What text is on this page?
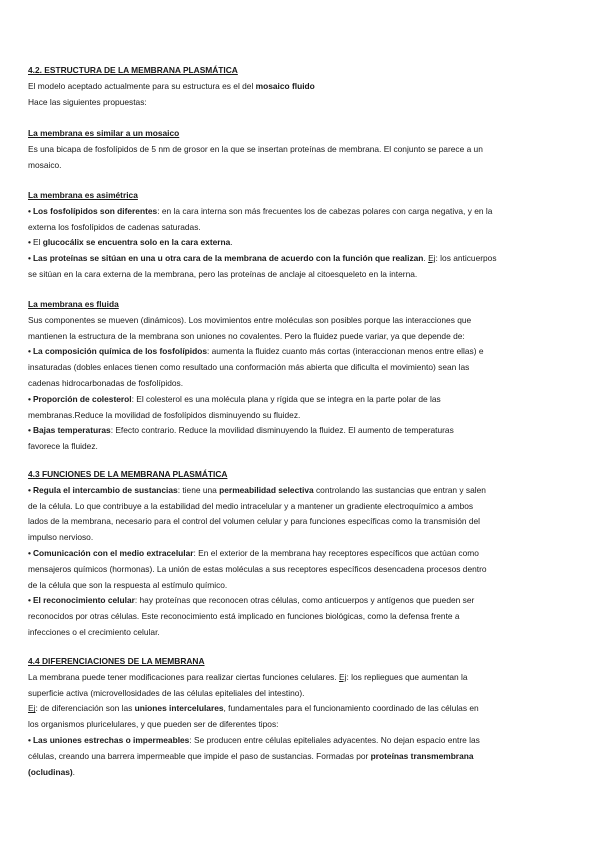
4.2. ESTRUCTURA DE LA MEMBRANA PLASMÁTICA

El modelo aceptado actualmente para su estructura es el del mosaico fluido

Hace las siguientes propuestas:

La membrana es similar a un mosaico

Es una bicapa de fosfolípidos de 5 nm de grosor en la que se insertan proteínas de membrana. El conjunto se parece a un

mosaico.

La membrana es asimétrica

• Los fosfolípidos son diferentes: en la cara interna son más frecuentes los de cabezas polares con carga negativa, y en la

externa los fosfolípidos de cadenas saturadas.

• El glucocálix se encuentra solo en la cara externa.

• Las proteínas se sitúan en una u otra cara de la membrana de acuerdo con la función que realizan. Ej: los anticuerpos

se sitúan en la cara externa de la membrana, pero las proteínas de anclaje al citoesqueleto en la interna.

La membrana es fluida

Sus componentes se mueven (dinámicos). Los movimientos entre moléculas son posibles porque las interacciones que

mantienen la estructura de la membrana son uniones no covalentes. Pero la fluidez puede variar, ya que depende de:

• La composición química de los fosfolípidos: aumenta la fluidez cuanto más cortas (interaccionan menos entre ellas) e

insaturadas (dobles enlaces tienen como resultado una conformación más abierta que dificulta el movimiento) sean las

cadenas hidrocarbonadas de fosfolípidos.

• Proporción de colesterol: El colesterol es una molécula plana y rígida que se integra en la parte polar de las

membranas.Reduce la movilidad de fosfolípidos disminuyendo su fluidez.

• Bajas temperaturas: Efecto contrario. Reduce la movilidad disminuyendo la fluidez. El aumento de temperaturas

favorece la fluidez.

4.3 FUNCIONES DE LA MEMBRANA PLASMÁTICA

• Regula el intercambio de sustancias: tiene una permeabilidad selectiva controlando las sustancias que entran y salen

de la célula. Lo que contribuye a la estabilidad del medio intracelular y a mantener un gradiente electroquímico a ambos

lados de la membrana, necesario para el control del volumen celular y para funciones específicas como la transmisión del

impulso nervioso.

• Comunicación con el medio extracelular: En el exterior de la membrana hay receptores específicos que actúan como

mensajeros químicos (hormonas). La unión de estas moléculas a sus receptores específicos desencadena procesos dentro

de la célula que son la respuesta al estímulo químico.

• El reconocimiento celular: hay proteínas que reconocen otras células, como anticuerpos y antígenos que pueden ser

reconocidos por otras células. Este reconocimiento está implicado en funciones biológicas, como la defensa frente a

infecciones o el crecimiento celular.

4.4 DIFERENCIACIONES DE LA MEMBRANA

La membrana puede tener modificaciones para realizar ciertas funciones celulares. Ej: los repliegues que aumentan la

superficie activa (microvellosidades de las células epiteliales del intestino).

Ej: de diferenciación son las uniones intercelulares, fundamentales para el funcionamiento coordinado de las células en

los organismos pluricelulares, y que pueden ser de diferentes tipos:

• Las uniones estrechas o impermeables: Se producen entre células epiteliales adyacentes. No dejan espacio entre las

células, creando una barrera impermeable que impide el paso de sustancias. Formadas por proteínas transmembrana

(ocludinas).
